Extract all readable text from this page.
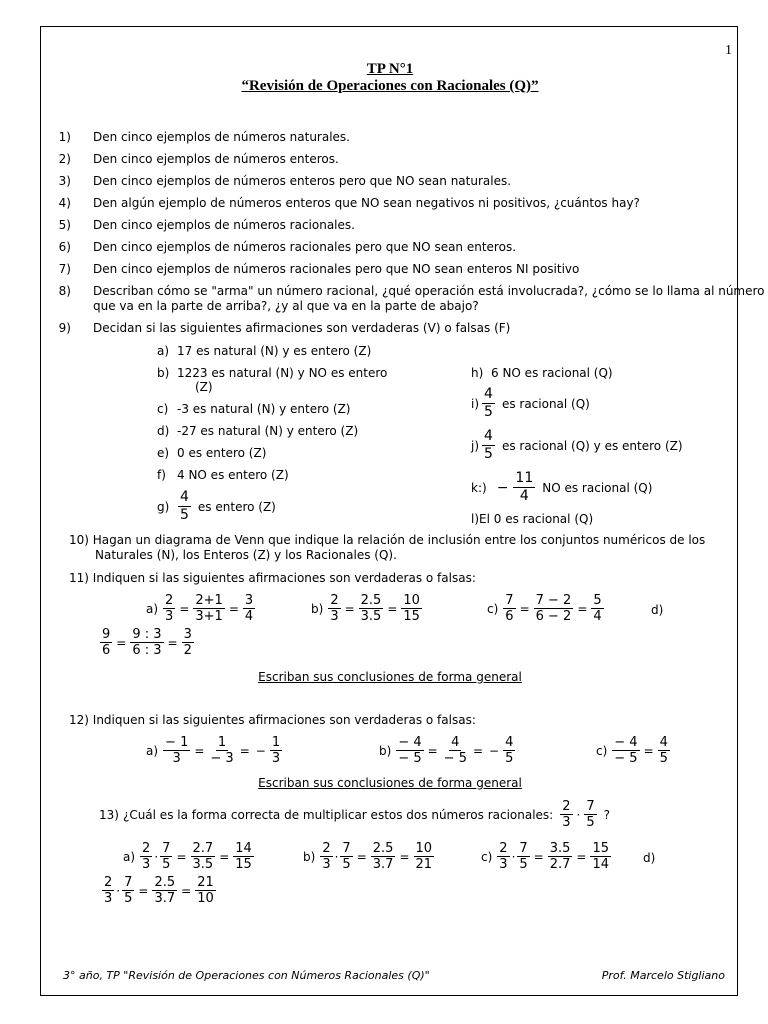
1
TP N°1
“Revisión de Operaciones con Racionales (Q)”
1) Den cinco ejemplos de números naturales.
2) Den cinco ejemplos de números enteros.
3) Den cinco ejemplos de números enteros pero que NO sean naturales.
4) Den algún ejemplo de números enteros que NO sean negativos ni positivos, ¿cuántos hay?
5) Den cinco ejemplos de números racionales.
6) Den cinco ejemplos de números racionales pero que NO sean enteros.
7) Den cinco ejemplos de números racionales pero que NO sean enteros NI positivo
8) Describan cómo se "arma" un número racional, ¿qué operación está involucrada?, ¿cómo se lo llama al número
que va en la parte de arriba?, ¿y al que va en la parte de abajo?
9) Decidan si las siguientes afirmaciones son verdaderas (V) o falsas (F)
a) 17 es natural (N) y es entero (Z)
b) 1223 es natural (N) y NO es entero
(Z)
c) -3 es natural (N) y entero (Z)
d) -27 es natural (N) y entero (Z)
e) 0 es entero (Z)
f) 4 NO es entero (Z)
g)
4
5
es entero (Z)
h) 6 NO es racional (Q)
i)
4
5
es racional (Q)
j)
4
5
es racional (Q) y es entero (Z)
k:) − $\frac{11}{4}$ NO es racional (Q)
l)El 0 es racional (Q)
10) Hagan un diagrama de Venn que indique la relación de inclusión entre los conjuntos numéricos de los
Naturales (N), los Enteros (Z) y los Racionales (Q).
11) Indiquen si las siguientes afirmaciones son verdaderas o falsas:
$a) \frac{2}{3} = \frac{2+1}{3+1} = \frac{3}{4}$	$b) \frac{2}{3} = \frac{2.5}{3.5} = \frac{10}{15}$	$c) \frac{7}{6} = \frac{7 - 2}{6 - 2} = \frac{5}{4}$	d)
$\frac{9}{6} = \frac{9 : 3}{6 : 3} = \frac{3}{2}$
Escriban sus conclusiones de forma general
12) Indiquen si las siguientes afirmaciones son verdaderas o falsas:
$a) \frac{- 1}{3} = \frac{1}{- 3}$ = − $\frac{1}{3}$	$b) \frac{- 4}{- 5} = \frac{4}{- 5}$ = − $\frac{4}{5}$	$c) \frac{- 4}{- 5} = \frac{4}{5}$
Escriban sus conclusiones de forma general
13) ¿Cuál es la forma correcta de multiplicar estos dos números racionales:
2
3
·
7
5
?
a)
2
3
· $\frac{7}{5} = \frac{2.7}{3.5} = \frac{14}{15}$	b)
2
3
· $\frac{7}{5} = \frac{2.5}{3.7} = \frac{10}{21}$	c)
2
3
· $\frac{7}{5} = \frac{3.5}{2.7} = \frac{15}{14}$	d)
2
3
· $\frac{7}{5} = \frac{2.5}{3.7} = \frac{21}{10}$
3° año, TP "Revisión de Operaciones con Números Racionales (Q)"	Prof. Marcelo Stigliano
